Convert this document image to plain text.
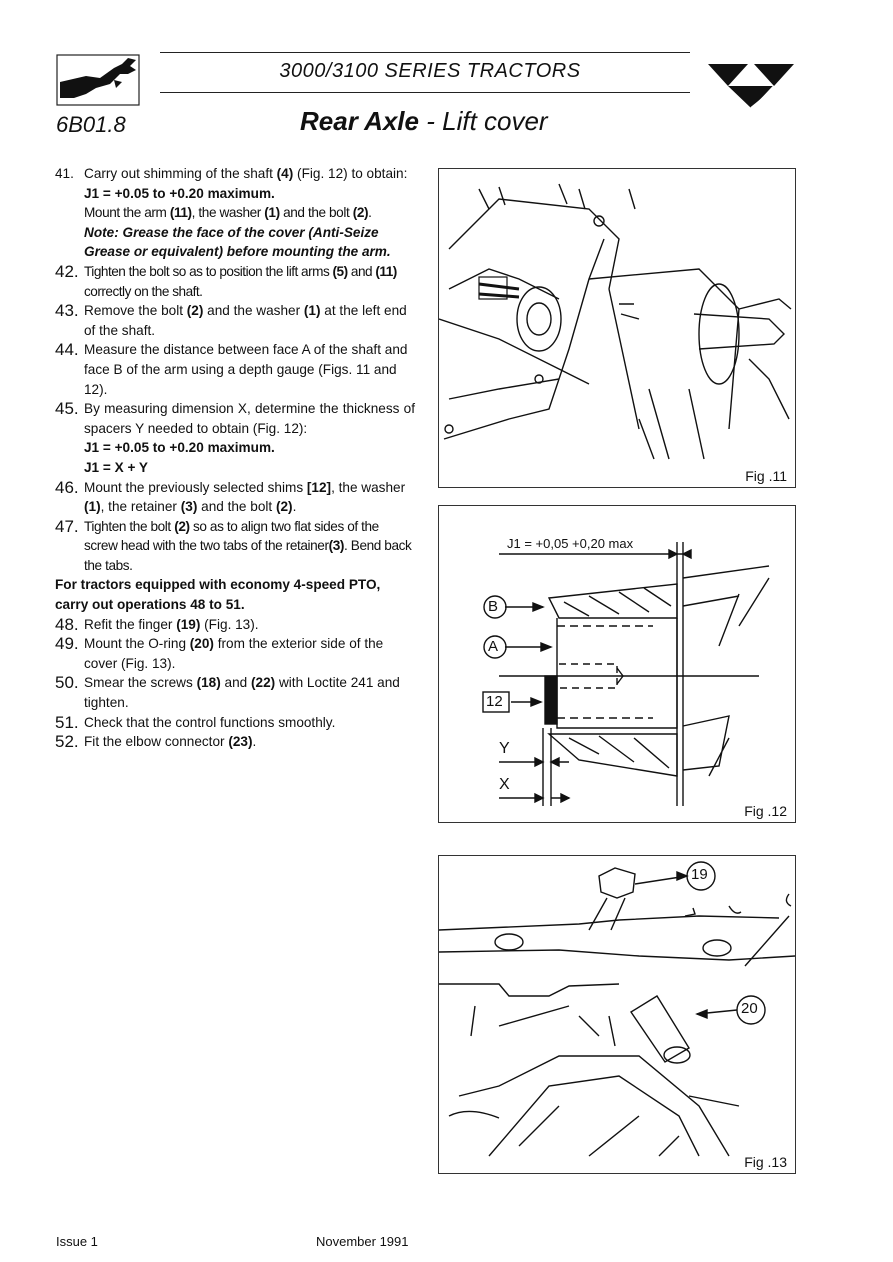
3000/3100 SERIES TRACTORS
6B01.8	Rear Axle - Lift cover
41. Carry out shimming of the shaft (4) (Fig. 12) to obtain:

J1 = +0.05 to +0.20 maximum.

Mount the arm (11), the washer (1) and the bolt (2).

Note: Grease the face of the cover (Anti-Seize Grease or equivalent) before mounting the arm.

42. Tighten the bolt so as to position the lift arms (5) and (11) correctly on the shaft.

43. Remove the bolt (2) and the washer (1) at the left end of the shaft.

44. Measure the distance between face A of the shaft and face B of the arm using a depth gauge (Figs. 11 and 12).

45. By measuring dimension X, determine the thickness of spacers Y needed to obtain (Fig. 12):

J1 = +0.05 to +0.20 maximum.

J1 = X + Y

46. Mount the previously selected shims [12], the washer (1), the retainer (3) and the bolt (2).

47. Tighten the bolt (2) so as to align two flat sides of the screw head with the two tabs of the retainer(3). Bend back the tabs.

For tractors equipped with economy 4-speed PTO, carry out operations 48 to 51.

48. Refit the finger (19) (Fig. 13).

49. Mount the O-ring (20) from the exterior side of the cover (Fig. 13).

50. Smear the screws (18) and (22) with Loctite 241 and tighten.

51. Check that the control functions smoothly.

52. Fit the elbow connector (23).

Fig .11
J1 = +0,05 +0,20 max
B
A
12
Y
X
Fig .12
19
20
Fig .13
Issue 1	November 1991
